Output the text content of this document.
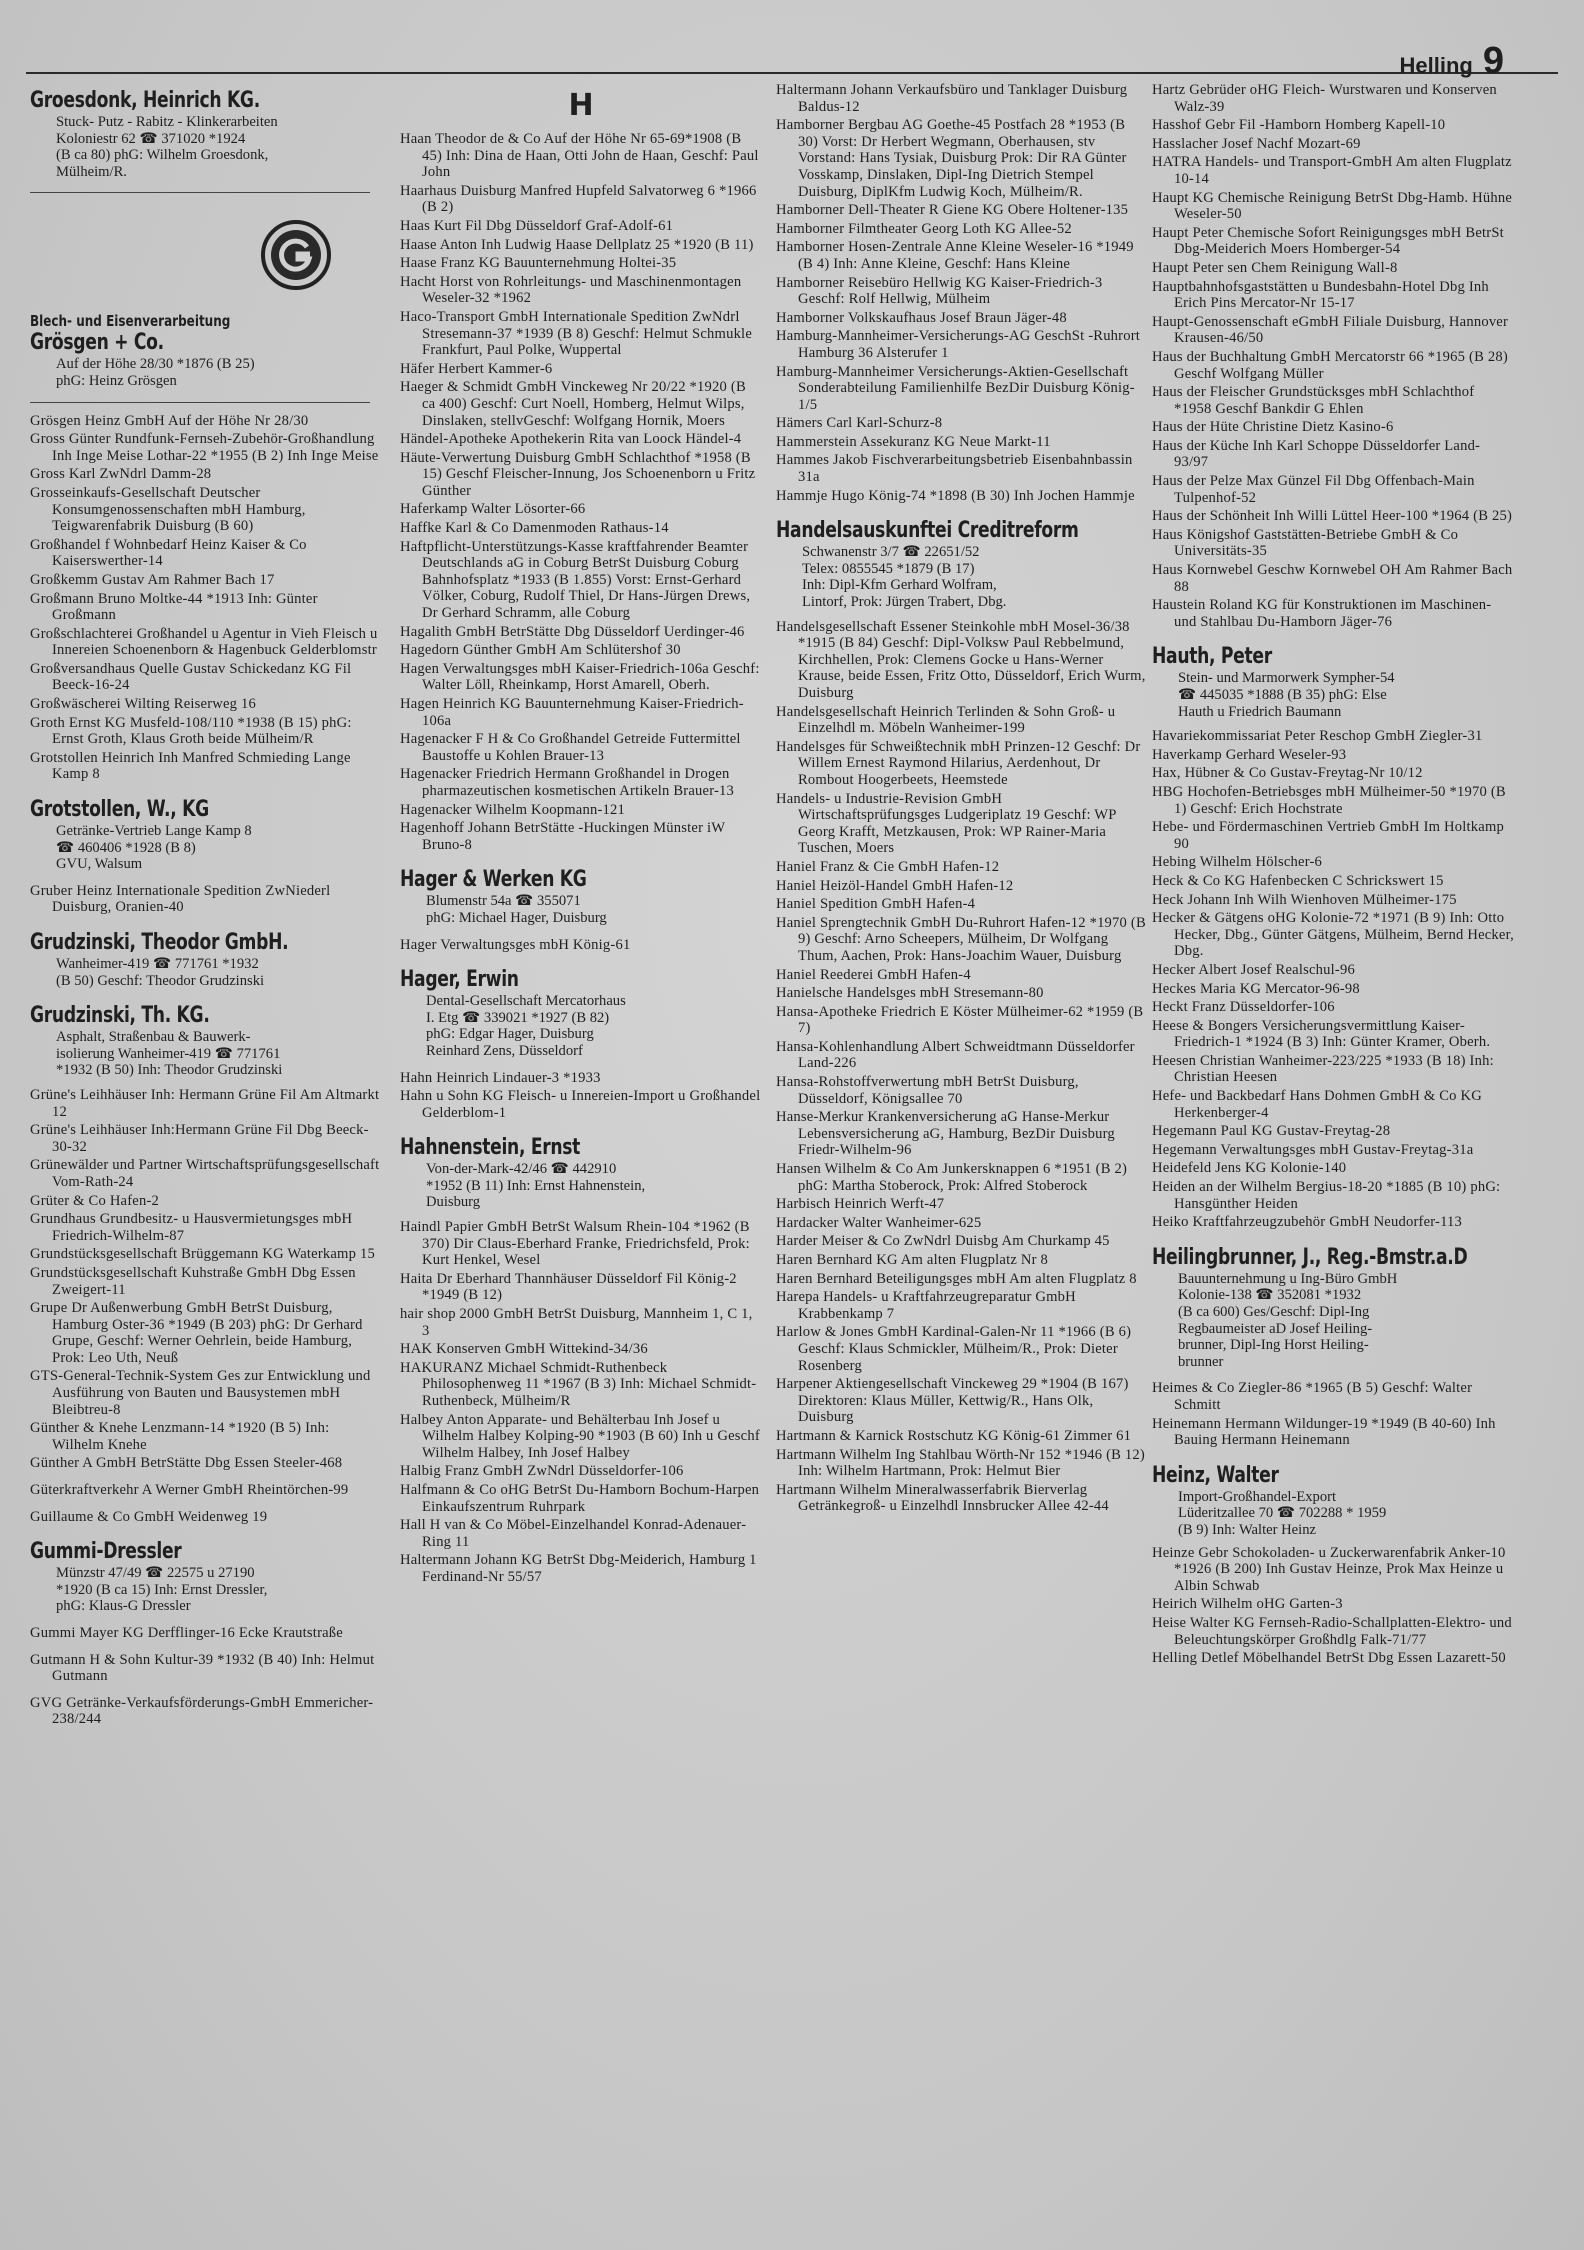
Helling 9
Groesdonk, Heinrich KG.
Stuck- Putz - Rabitz - Klinkerarbeiten
Koloniestr 62 ☎ 371020 *1924
(B ca 80) phG: Wilhelm Groesdonk,
Mülheim/R.
Blech- und Eisenverarbeitung
Grösgen + Co.
Auf der Höhe 28/30 *1876 (B 25)
phG: Heinz Grösgen
Grösgen Heinz GmbH Auf der Höhe Nr 28/30
Gross Günter Rundfunk-Fernseh-Zubehör-Großhandlung Inh Inge Meise Lothar-22 *1955 (B 2) Inh Inge Meise
Gross Karl ZwNdrl Damm-28
Grosseinkaufs-Gesellschaft Deutscher Konsumgenossenschaften mbH Hamburg, Teigwarenfabrik Duisburg (B 60)
Großhandel f Wohnbedarf Heinz Kaiser & Co Kaiserswerther-14
Großkemm Gustav Am Rahmer Bach 17
Großmann Bruno Moltke-44 *1913 Inh: Günter Großmann
Großschlachterei Großhandel u Agentur in Vieh Fleisch u Innereien Schoenenborn & Hagenbuck Gelderblomstr
Großversandhaus Quelle Gustav Schickedanz KG Fil Beeck-16-24
Großwäscherei Wilting Reiserweg 16
Groth Ernst KG Musfeld-108/110 *1938 (B 15) phG: Ernst Groth, Klaus Groth beide Mülheim/R
Grotstollen Heinrich Inh Manfred Schmieding Lange Kamp 8
Grotstollen, W., KG
Getränke-Vertrieb Lange Kamp 8
☎ 460406 *1928 (B 8)
GVU, Walsum
Gruber Heinz Internationale Spedition ZwNiederl Duisburg, Oranien-40
Grudzinski, Theodor GmbH.
Wanheimer-419 ☎ 771761 *1932
(B 50) Geschf: Theodor Grudzinski
Grudzinski, Th. KG.
Asphalt, Straßenbau & Bauwerk-
isolierung Wanheimer-419 ☎ 771761
*1932 (B 50) Inh: Theodor Grudzinski
Grüne's Leihhäuser Inh: Hermann Grüne Fil Am Altmarkt 12
Grüne's Leihhäuser Inh:Hermann Grüne Fil Dbg Beeck-30-32
Grünewälder und Partner Wirtschaftsprüfungsgesellschaft Vom-Rath-24
Grüter & Co Hafen-2
Grundhaus Grundbesitz- u Hausvermietungsges mbH Friedrich-Wilhelm-87
Grundstücksgesellschaft Brüggemann KG Waterkamp 15
Grundstücksgesellschaft Kuhstraße GmbH Dbg Essen Zweigert-11
Grupe Dr Außenwerbung GmbH BetrSt Duisburg, Hamburg Oster-36 *1949 (B 203) phG: Dr Gerhard Grupe, Geschf: Werner Oehrlein, beide Hamburg, Prok: Leo Uth, Neuß
GTS-General-Technik-System Ges zur Entwicklung und Ausführung von Bauten und Bausystemen mbH Bleibtreu-8
Günther & Knehe Lenzmann-14 *1920 (B 5) Inh: Wilhelm Knehe
Günther A GmbH BetrStätte Dbg Essen Steeler-468
Güterkraftverkehr A Werner GmbH Rheintörchen-99
Guillaume & Co GmbH Weidenweg 19
Gummi-Dressler
Münzstr 47/49 ☎ 22575 u 27190
*1920 (B ca 15) Inh: Ernst Dressler,
phG: Klaus-G Dressler
Gummi Mayer KG Derfflinger-16 Ecke Krautstraße
Gutmann H & Sohn Kultur-39 *1932 (B 40) Inh: Helmut Gutmann
GVG Getränke-Verkaufsförderungs-GmbH Emmericher-238/244
H
Haan Theodor de & Co Auf der Höhe Nr 65-69*1908 (B 45) Inh: Dina de Haan, Otti John de Haan, Geschf: Paul John
Haarhaus Duisburg Manfred Hupfeld Salvatorweg 6 *1966 (B 2)
Haas Kurt Fil Dbg Düsseldorf Graf-Adolf-61
Haase Anton Inh Ludwig Haase Dellplatz 25 *1920 (B 11)
Haase Franz KG Bauunternehmung Holtei-35
Hacht Horst von Rohrleitungs- und Maschinenmontagen Weseler-32 *1962
Haco-Transport GmbH Internationale Spedition ZwNdrl Stresemann-37 *1939 (B 8) Geschf: Helmut Schmukle Frankfurt, Paul Polke, Wuppertal
Häfer Herbert Kammer-6
Haeger & Schmidt GmbH Vinckeweg Nr 20/22 *1920 (B ca 400) Geschf: Curt Noell, Homberg, Helmut Wilps, Dinslaken, stellvGeschf: Wolfgang Hornik, Moers
Händel-Apotheke Apothekerin Rita van Loock Händel-4
Häute-Verwertung Duisburg GmbH Schlachthof *1958 (B 15) Geschf Fleischer-Innung, Jos Schoenenborn u Fritz Günther
Haferkamp Walter Lösorter-66
Haffke Karl & Co Damenmoden Rathaus-14
Haftpflicht-Unterstützungs-Kasse kraftfahrender Beamter Deutschlands aG in Coburg BetrSt Duisburg Coburg Bahnhofsplatz *1933 (B 1.855) Vorst: Ernst-Gerhard Völker, Coburg, Rudolf Thiel, Dr Hans-Jürgen Drews, Dr Gerhard Schramm, alle Coburg
Hagalith GmbH BetrStätte Dbg Düsseldorf Uerdinger-46
Hagedorn Günther GmbH Am Schlütershof 30
Hagen Verwaltungsges mbH Kaiser-Friedrich-106a Geschf: Walter Löll, Rheinkamp, Horst Amarell, Oberh.
Hagen Heinrich KG Bauunternehmung Kaiser-Friedrich-106a
Hagenacker F H & Co Großhandel Getreide Futtermittel Baustoffe u Kohlen Brauer-13
Hagenacker Friedrich Hermann Großhandel in Drogen pharmazeutischen kosmetischen Artikeln Brauer-13
Hagenacker Wilhelm Koopmann-121
Hagenhoff Johann BetrStätte -Huckingen Münster iW Bruno-8
Hager & Werken KG
Blumenstr 54a ☎ 355071
phG: Michael Hager, Duisburg
Hager Verwaltungsges mbH König-61
Hager, Erwin
Dental-Gesellschaft Mercatorhaus
I. Etg ☎ 339021 *1927 (B 82)
phG: Edgar Hager, Duisburg
Reinhard Zens, Düsseldorf
Hahn Heinrich Lindauer-3 *1933
Hahn u Sohn KG Fleisch- u Innereien-Import u Großhandel Gelderblom-1
Hahnenstein, Ernst
Von-der-Mark-42/46 ☎ 442910
*1952 (B 11) Inh: Ernst Hahnenstein,
Duisburg
Haindl Papier GmbH BetrSt Walsum Rhein-104 *1962 (B 370) Dir Claus-Eberhard Franke, Friedrichsfeld, Prok: Kurt Henkel, Wesel
Haita Dr Eberhard Thannhäuser Düsseldorf Fil König-2 *1949 (B 12)
hair shop 2000 GmbH BetrSt Duisburg, Mannheim 1, C 1, 3
HAK Konserven GmbH Wittekind-34/36
HAKURANZ Michael Schmidt-Ruthenbeck Philosophenweg 11 *1967 (B 3) Inh: Michael Schmidt-Ruthenbeck, Mülheim/R
Halbey Anton Apparate- und Behälterbau Inh Josef u Wilhelm Halbey Kolping-90 *1903 (B 60) Inh u Geschf Wilhelm Halbey, Inh Josef Halbey
Halbig Franz GmbH ZwNdrl Düsseldorfer-106
Halfmann & Co oHG BetrSt Du-Hamborn Bochum-Harpen Einkaufszentrum Ruhrpark
Hall H van & Co Möbel-Einzelhandel Konrad-Adenauer-Ring 11
Haltermann Johann KG BetrSt Dbg-Meiderich, Hamburg 1 Ferdinand-Nr 55/57
Haltermann Johann Verkaufsbüro und Tanklager Duisburg Baldus-12
Hamborner Bergbau AG Goethe-45 Postfach 28 *1953 (B 30) Vorst: Dr Herbert Wegmann, Oberhausen, stv Vorstand: Hans Tysiak, Duisburg Prok: Dir RA Günter Vosskamp, Dinslaken, Dipl-Ing Dietrich Stempel Duisburg, DiplKfm Ludwig Koch, Mülheim/R.
Hamborner Dell-Theater R Giene KG Obere Holtener-135
Hamborner Filmtheater Georg Loth KG Allee-52
Hamborner Hosen-Zentrale Anne Kleine Weseler-16 *1949 (B 4) Inh: Anne Kleine, Geschf: Hans Kleine
Hamborner Reisebüro Hellwig KG Kaiser-Friedrich-3 Geschf: Rolf Hellwig, Mülheim
Hamborner Volkskaufhaus Josef Braun Jäger-48
Hamburg-Mannheimer-Versicherungs-AG GeschSt -Ruhrort Hamburg 36 Alsterufer 1
Hamburg-Mannheimer Versicherungs-Aktien-Gesellschaft Sonderabteilung Familienhilfe BezDir Duisburg König-1/5
Hämers Carl Karl-Schurz-8
Hammerstein Assekuranz KG Neue Markt-11
Hammes Jakob Fischverarbeitungsbetrieb Eisenbahnbassin 31a
Hammje Hugo König-74 *1898 (B 30) Inh Jochen Hammje
Handelsauskunftei Creditreform
Schwanenstr 3/7 ☎ 22651/52
Telex: 0855545 *1879 (B 17)
Inh: Dipl-Kfm Gerhard Wolfram,
Lintorf, Prok: Jürgen Trabert, Dbg.
Handelsgesellschaft Essener Steinkohle mbH Mosel-36/38 *1915 (B 84) Geschf: Dipl-Volksw Paul Rebbelmund, Kirchhellen, Prok: Clemens Gocke u Hans-Werner Krause, beide Essen, Fritz Otto, Düsseldorf, Erich Wurm, Duisburg
Handelsgesellschaft Heinrich Terlinden & Sohn Groß- u Einzelhdl m. Möbeln Wanheimer-199
Handelsges für Schweißtechnik mbH Prinzen-12 Geschf: Dr Willem Ernest Raymond Hilarius, Aerdenhout, Dr Rombout Hoogerbeets, Heemstede
Handels- u Industrie-Revision GmbH Wirtschaftsprüfungsges Ludgeriplatz 19 Geschf: WP Georg Krafft, Metzkausen, Prok: WP Rainer-Maria Tuschen, Moers
Haniel Franz & Cie GmbH Hafen-12
Haniel Heizöl-Handel GmbH Hafen-12
Haniel Spedition GmbH Hafen-4
Haniel Sprengtechnik GmbH Du-Ruhrort Hafen-12 *1970 (B 9) Geschf: Arno Scheepers, Mülheim, Dr Wolfgang Thum, Aachen, Prok: Hans-Joachim Wauer, Duisburg
Haniel Reederei GmbH Hafen-4
Hanielsche Handelsges mbH Stresemann-80
Hansa-Apotheke Friedrich E Köster Mülheimer-62 *1959 (B 7)
Hansa-Kohlenhandlung Albert Schweidtmann Düsseldorfer Land-226
Hansa-Rohstoffverwertung mbH BetrSt Duisburg, Düsseldorf, Königsallee 70
Hanse-Merkur Krankenversicherung aG Hanse-Merkur Lebensversicherung aG, Hamburg, BezDir Duisburg Friedr-Wilhelm-96
Hansen Wilhelm & Co Am Junkersknappen 6 *1951 (B 2) phG: Martha Stoberock, Prok: Alfred Stoberock
Harbisch Heinrich Werft-47
Hardacker Walter Wanheimer-625
Harder Meiser & Co ZwNdrl Duisbg Am Churkamp 45
Haren Bernhard KG Am alten Flugplatz Nr 8
Haren Bernhard Beteiligungsges mbH Am alten Flugplatz 8
Harepa Handels- u Kraftfahrzeugreparatur GmbH Krabbenkamp 7
Harlow & Jones GmbH Kardinal-Galen-Nr 11 *1966 (B 6) Geschf: Klaus Schmickler, Mülheim/R., Prok: Dieter Rosenberg
Harpener Aktiengesellschaft Vinckeweg 29 *1904 (B 167) Direktoren: Klaus Müller, Kettwig/R., Hans Olk, Duisburg
Hartmann & Karnick Rostschutz KG König-61 Zimmer 61
Hartmann Wilhelm Ing Stahlbau Wörth-Nr 152 *1946 (B 12) Inh: Wilhelm Hartmann, Prok: Helmut Bier
Hartmann Wilhelm Mineralwasserfabrik Bierverlag Getränkegroß- u Einzelhdl Innsbrucker Allee 42-44
Hartz Gebrüder oHG Fleich- Wurstwaren und Konserven Walz-39
Hasshof Gebr Fil -Hamborn Homberg Kapell-10
Hasslacher Josef Nachf Mozart-69
HATRA Handels- und Transport-GmbH Am alten Flugplatz 10-14
Haupt KG Chemische Reinigung BetrSt Dbg-Hamb. Hühne Weseler-50
Haupt Peter Chemische Sofort Reinigungsges mbH BetrSt Dbg-Meiderich Moers Homberger-54
Haupt Peter sen Chem Reinigung Wall-8
Hauptbahnhofsgaststätten u Bundesbahn-Hotel Dbg Inh Erich Pins Mercator-Nr 15-17
Haupt-Genossenschaft eGmbH Filiale Duisburg, Hannover Krausen-46/50
Haus der Buchhaltung GmbH Mercatorstr 66 *1965 (B 28) Geschf Wolfgang Müller
Haus der Fleischer Grundstücksges mbH Schlachthof *1958 Geschf Bankdir G Ehlen
Haus der Hüte Christine Dietz Kasino-6
Haus der Küche Inh Karl Schoppe Düsseldorfer Land-93/97
Haus der Pelze Max Günzel Fil Dbg Offenbach-Main Tulpenhof-52
Haus der Schönheit Inh Willi Lüttel Heer-100 *1964 (B 25)
Haus Königshof Gaststätten-Betriebe GmbH & Co Universitäts-35
Haus Kornwebel Geschw Kornwebel OH Am Rahmer Bach 88
Haustein Roland KG für Konstruktionen im Maschinen- und Stahlbau Du-Hamborn Jäger-76
Hauth, Peter
Stein- und Marmorwerk Sympher-54
☎ 445035 *1888 (B 35) phG: Else
Hauth u Friedrich Baumann
Havariekommissariat Peter Reschop GmbH Ziegler-31
Haverkamp Gerhard Weseler-93
Hax, Hübner & Co Gustav-Freytag-Nr 10/12
HBG Hochofen-Betriebsges mbH Mülheimer-50 *1970 (B 1) Geschf: Erich Hochstrate
Hebe- und Fördermaschinen Vertrieb GmbH Im Holtkamp 90
Hebing Wilhelm Hölscher-6
Heck & Co KG Hafenbecken C Schrickswert 15
Heck Johann Inh Wilh Wienhoven Mülheimer-175
Hecker & Gätgens oHG Kolonie-72 *1971 (B 9) Inh: Otto Hecker, Dbg., Günter Gätgens, Mülheim, Bernd Hecker, Dbg.
Hecker Albert Josef Realschul-96
Heckes Maria KG Mercator-96-98
Heckt Franz Düsseldorfer-106
Heese & Bongers Versicherungsvermittlung Kaiser-Friedrich-1 *1924 (B 3) Inh: Günter Kramer, Oberh.
Heesen Christian Wanheimer-223/225 *1933 (B 18) Inh: Christian Heesen
Hefe- und Backbedarf Hans Dohmen GmbH & Co KG Herkenberger-4
Hegemann Paul KG Gustav-Freytag-28
Hegemann Verwaltungsges mbH Gustav-Freytag-31a
Heidefeld Jens KG Kolonie-140
Heiden an der Wilhelm Bergius-18-20 *1885 (B 10) phG: Hansgünther Heiden
Heiko Kraftfahrzeugzubehör GmbH Neudorfer-113
Heilingbrunner, J., Reg.-Bmstr.a.D
Bauunternehmung u Ing-Büro GmbH
Kolonie-138 ☎ 352081 *1932
(B ca 600) Ges/Geschf: Dipl-Ing
Regbaumeister aD Josef Heiling-
brunner, Dipl-Ing Horst Heiling-
brunner
Heimes & Co Ziegler-86 *1965 (B 5) Geschf: Walter Schmitt
Heinemann Hermann Wildunger-19 *1949 (B 40-60) Inh Bauing Hermann Heinemann
Heinz, Walter
Import-Großhandel-Export
Lüderitzallee 70 ☎ 702288 * 1959
(B 9) Inh: Walter Heinz
Heinze Gebr Schokoladen- u Zuckerwarenfabrik Anker-10 *1926 (B 200) Inh Gustav Heinze, Prok Max Heinze u Albin Schwab
Heirich Wilhelm oHG Garten-3
Heise Walter KG Fernseh-Radio-Schallplatten-Elektro- und Beleuchtungskörper Großhdlg Falk-71/77
Helling Detlef Möbelhandel BetrSt Dbg Essen Lazarett-50
